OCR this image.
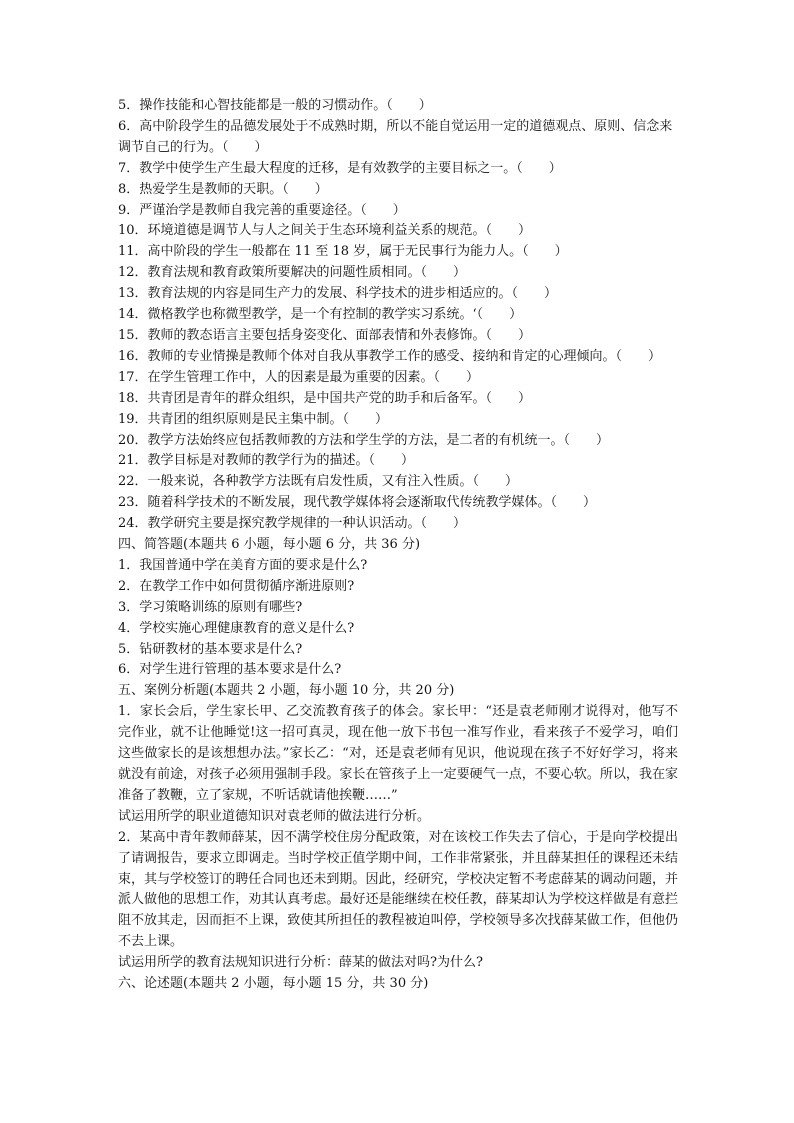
5．操作技能和心智技能都是一般的习惯动作。（　　）
6．高中阶段学生的品德发展处于不成熟时期，所以不能自觉运用一定的道德观点、原则、信念来调节自己的行为。（　　）
7．教学中使学生产生最大程度的迁移，是有效教学的主要目标之一。（　　）
8．热爱学生是教师的天职。（　　）
9．严谨治学是教师自我完善的重要途径。（　　）
10．环境道德是调节人与人之间关于生态环境利益关系的规范。（　　）
11．高中阶段的学生一般都在 11 至 18 岁，属于无民事行为能力人。（　　）
12．教育法规和教育政策所要解决的问题性质相同。（　　）
13．教育法规的内容是同生产力的发展、科学技术的进步相适应的。（　　）
14．微格教学也称微型教学，是一个有控制的教学实习系统。‘（　　）
15．教师的教态语言主要包括身姿变化、面部表情和外表修饰。（　　）
16．教师的专业情操是教师个体对自我从事教学工作的感受、接纳和肯定的心理倾向。（　　）
17．在学生管理工作中，人的因素是最为重要的因素。（　　）
18．共青团是青年的群众组织，是中国共产党的助手和后备军。（　　）
19．共青团的组织原则是民主集中制。（　　）
20．教学方法始终应包括教师教的方法和学生学的方法，是二者的有机统一。（　　）
21．教学目标是对教师的教学行为的描述。（　　）
22．一般来说，各种教学方法既有启发性质，又有注入性质。（　　）
23．随着科学技术的不断发展，现代教学媒体将会逐渐取代传统教学媒体。（　　）
24．教学研究主要是探究教学规律的一种认识活动。（　　）
四、简答题(本题共 6 小题，每小题 6 分，共 36 分)
1．我国普通中学在美育方面的要求是什么?
2．在教学工作中如何贯彻循序渐进原则?
3．学习策略训练的原则有哪些?
4．学校实施心理健康教育的意义是什么?
5．钻研教材的基本要求是什么?
6．对学生进行管理的基本要求是什么?
五、案例分析题(本题共 2 小题，每小题 10 分，共 20 分)
1．家长会后，学生家长甲、乙交流教育孩子的体会。家长甲：“还是袁老师刚才说得对，他写不完作业，就不让他睡觉!这一招可真灵，现在他一放下书包一准写作业，看来孩子不爱学习，咱们这些做家长的是该想想办法。”家长乙：“对，还是袁老师有见识，他说现在孩子不好好学习，将来就没有前途，对孩子必须用强制手段。家长在管孩子上一定要硬气一点，不要心软。所以，我在家准备了教鞭，立了家规，不听话就请他挨鞭……”
试运用所学的职业道德知识对袁老师的做法进行分析。
2．某高中青年教师薛某，因不满学校住房分配政策，对在该校工作失去了信心，于是向学校提出了请调报告，要求立即调走。当时学校正值学期中间，工作非常紧张，并且薛某担任的课程还未结束，其与学校签订的聘任合同也还未到期。因此，经研究，学校决定暂不考虑薛某的调动问题，并派人做他的思想工作，劝其认真考虑。最好还是能继续在校任教，薛某却认为学校这样做是有意拦阻不放其走，因而拒不上课，致使其所担任的教程被迫叫停，学校领导多次找薛某做工作，但他仍不去上课。
试运用所学的教育法规知识进行分析：薛某的做法对吗?为什么?
六、论述题(本题共 2 小题，每小题 15 分，共 30 分)
